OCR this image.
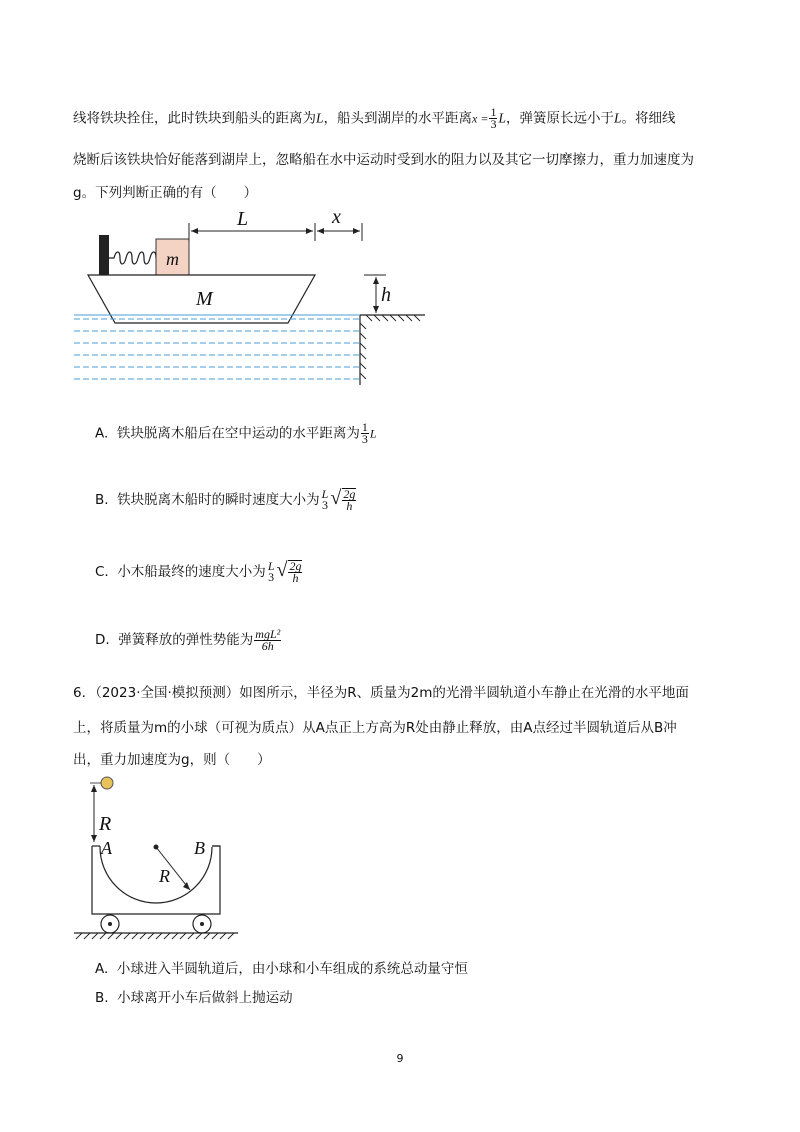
线将铁块拴住，此时铁块到船头的距离为L，船头到湖岸的水平距离$x = \frac{1}{3}$ L，弹簧原长远小于L。将细线
烧断后该铁块恰好能落到湖岸上，忽略船在水中运动时受到水的阻力以及其它一切摩擦力，重力加速度为
g。下列判断正确的有（　　）
m
M
L	x
h
A. 铁块脱离木船后在空中运动的水平距离为 $\frac{1}{3}$ L
B. 铁块脱离木船时的瞬时速度大小为 L
3 √ $\frac{2g}{h}$
C. 小木船最终的速度大小为 L
3 √ $\frac{2g}{h}$
D. 弹簧释放的弹性势能为 $\frac{\text{mgL²}}{6h}$
6．（2023·全国·模拟预测）如图所示，半径为R、质量为2m的光滑半圆轨道小车静止在光滑的水平地面
上，将质量为m的小球（可视为质点）从A点正上方高为R处由静止释放，由A点经过半圆轨道后从B冲
出，重力加速度为g，则（　　）
R
A	B
R
A. 小球进入半圆轨道后，由小球和小车组成的系统总动量守恒
B. 小球离开小车后做斜上抛运动
9
